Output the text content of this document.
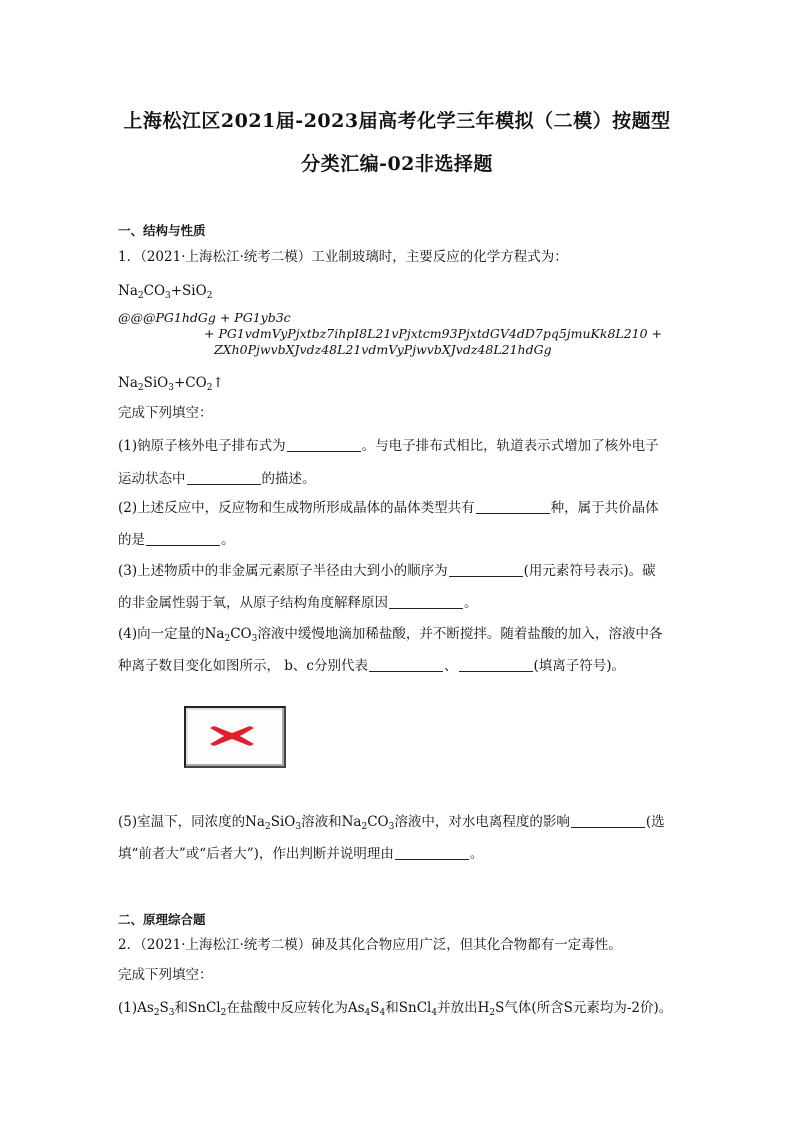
上海松江区2021届-2023届高考化学三年模拟（二模）按题型
分类汇编-02非选择题
一、结构与性质
1．（2021·上海松江·统考二模）工业制玻璃时，主要反应的化学方程式为：
$Na_2CO_3+SiO_2$
@@@PG1hdGg + PG1yb3c
+ PG1vdmVyPjxtbz7ihpI8L21vPjxtcm93PjxtdGV4dD7pq5jmuKk8L210 +
ZXh0PjwvbXJvdz48L21vdmVyPjwvbXJvdz48L21hdGg
$Na_2SiO_3+CO_2↑$
完成下列填空：
(1)钠原子核外电子排布式为	。与电子排布式相比，轨道表示式增加了核外电子
运动状态中	的描述。
(2)上述反应中，反应物和生成物所形成晶体的晶体类型共有	种，属于共价晶体
的是	。
(3)上述物质中的非金属元素原子半径由大到小的顺序为	(用元素符号表示)。碳
的非金属性弱于氧，从原子结构角度解释原因	。
(4)向一定量的$Na_2CO_3$溶液中缓慢地滴加稀盐酸，并不断搅拌。随着盐酸的加入，溶液中各
种离子数目变化如图所示， b、c分别代表	、	(填离子符号)。
(5)室温下，同浓度的$Na_2SiO_3$溶液和$Na_2CO_3$溶液中，对水电离程度的影响	(选
填“前者大”或“后者大”)，作出判断并说明理由	。
二、原理综合题
2．（2021·上海松江·统考二模）砷及其化合物应用广泛，但其化合物都有一定毒性。
完成下列填空：
$(1)As_2S_3$和SnCl$_2$在盐酸中反应转化为$As_4S_4$和SnCl$_4$并放出$H_2S$气体(所含S元素均为-2价)。
